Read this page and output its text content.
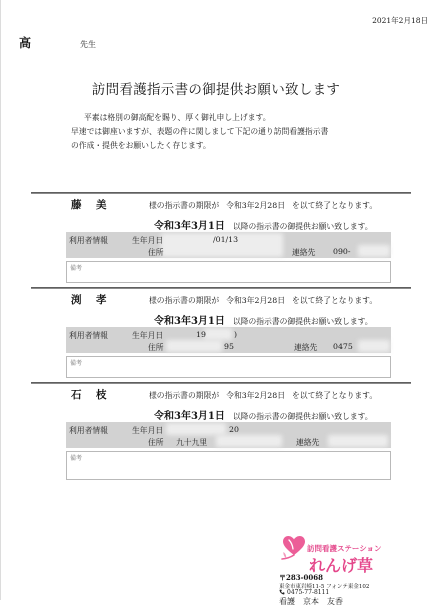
2021年2月18日
高	先生
訪問看護指示書の御提供お願い致します
平素は格別の御高配を賜り、厚く御礼申し上げます。
早速では御座いますが、表題の件に関しまして下記の通り訪問看護指示書
の作成・提供をお願いしたく存じます。
藤　美	様の指示書の期限が 令和3年2月28日 を以て終了となります。
令和3年3月1日 以降の指示書の御提供お願い致します。
利用者情報	生年月日	/01/13
住所	連絡先 090-
備考
渕　孝	様の指示書の期限が 令和3年2月28日 を以て終了となります。
令和3年3月1日 以降の指示書の御提供お願い致します。
利用者情報	生年月日	19	)
住所	95	連絡先 0475
備考
石　枝	様の指示書の期限が 令和3年2月28日 を以て終了となります。
令和3年3月1日 以降の指示書の御提供お願い致します。
利用者情報	生年月日	20
住所 九十九里	連絡先
備考
訪問看護ステーション
れんげ草
〒283-0068
東金市東岩崎11-5 フォンテ東金102
0475-77-8111
看護　京本　友香
